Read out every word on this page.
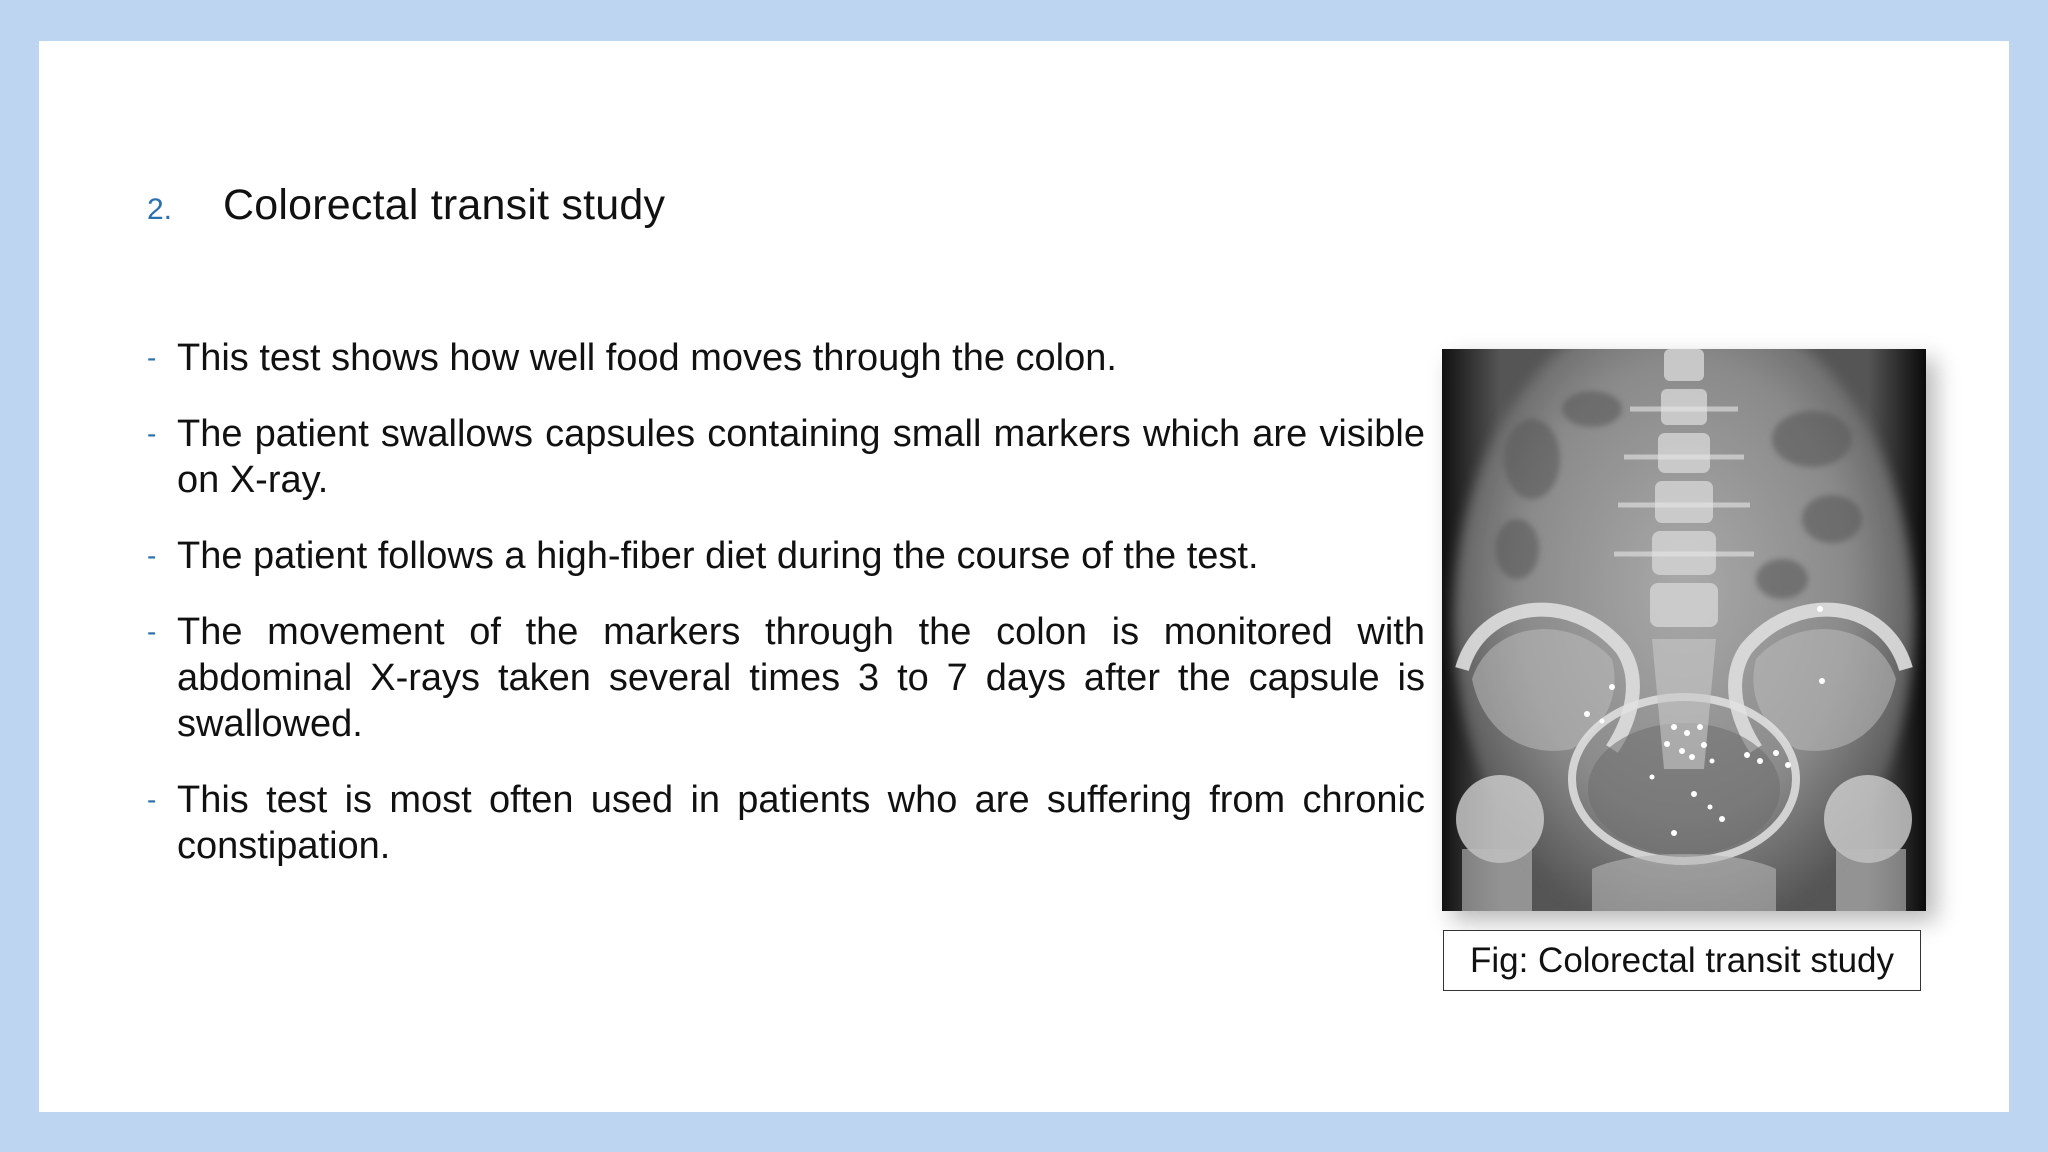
2.	Colorectal transit study
- This test shows how well food moves through the colon.
- The patient swallows capsules containing small markers which are visible on X-ray.
- The patient follows a high-fiber diet during the course of the test.
- The movement of the markers through the colon is monitored with abdominal X-rays taken several times 3 to 7 days after the capsule is swallowed.
- This test is most often used in patients who are suffering from chronic constipation.
Fig: Colorectal transit study
